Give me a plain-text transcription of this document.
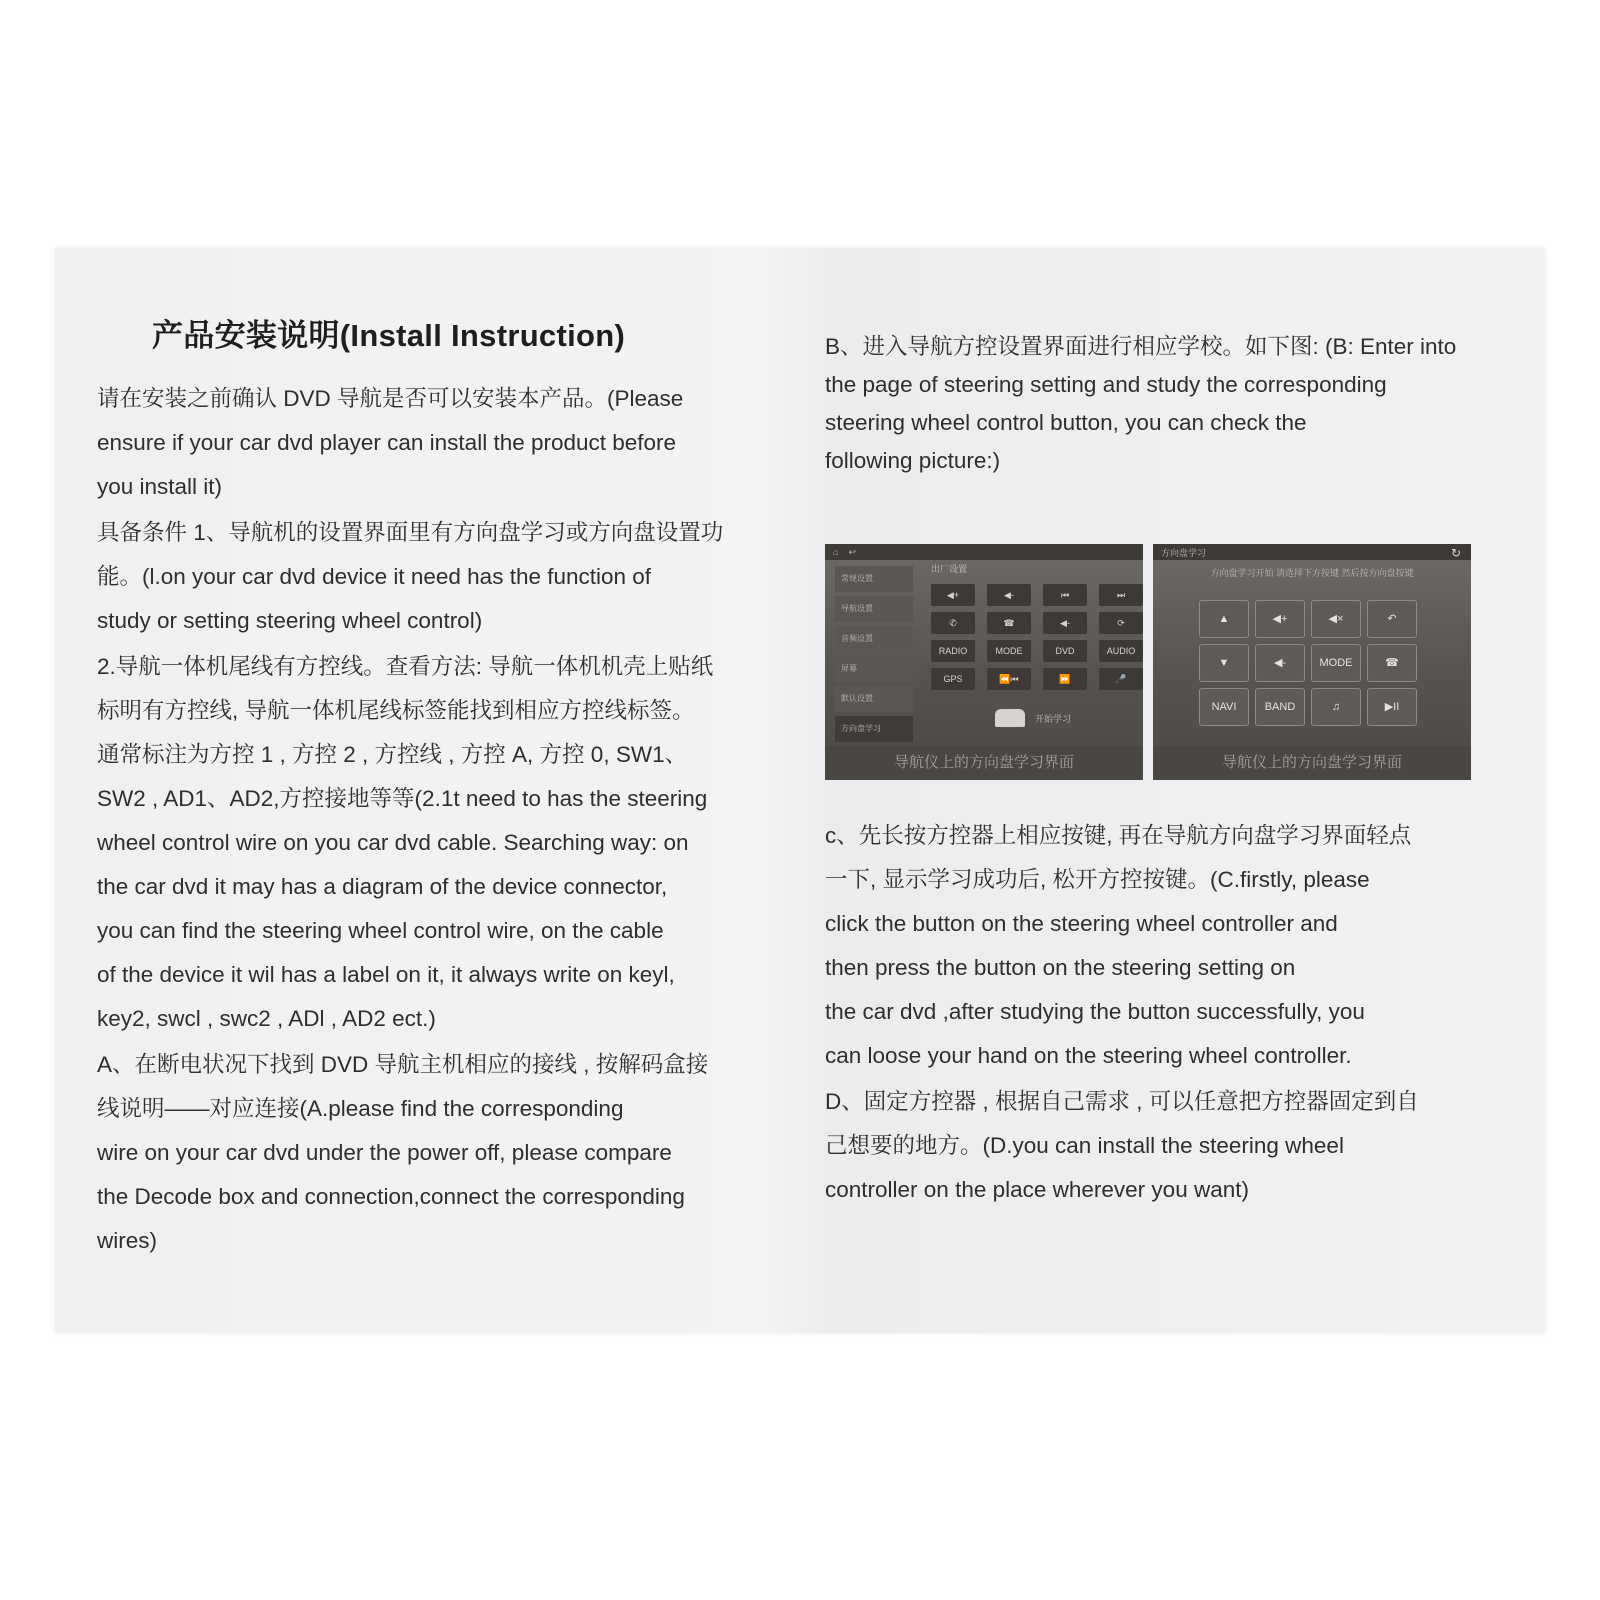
产品安装说明(Install Instruction)
请在安装之前确认 DVD 导航是否可以安装本产品。(Please
ensure if your car dvd player can install the product before
you install it)
具备条件 1、导航机的设置界面里有方向盘学习或方向盘设置功
能。(l.on your car dvd device it need has the function of
study or setting steering wheel control)
2.导航一体机尾线有方控线。查看方法: 导航一体机机壳上贴纸
标明有方控线, 导航一体机尾线标签能找到相应方控线标签。
通常标注为方控 1 , 方控 2 , 方控线 , 方控 A, 方控 0, SW1、
SW2 , AD1、AD2,方控接地等等(2.1t need to has the steering
wheel control wire on you car dvd cable. Searching way: on
the car dvd it may has a diagram of the device connector,
you can find the steering wheel control wire, on the cable
of the device it wil has a label on it, it always write on keyl,
key2, swcl , swc2 , ADl , AD2 ect.)
A、在断电状况下找到 DVD 导航主机相应的接线 , 按解码盒接
线说明——对应连接(A.please find the corresponding
wire on your car dvd under the power off, please compare
the Decode box and connection,connect the corresponding
wires)
B、进入导航方控设置界面进行相应学校。如下图: (B: Enter into
the page of steering setting and study the corresponding
steering wheel control button, you can check the
following picture:)
⌂ ↩
出厂设置
常规设置
导航设置
音频设置
屏幕
默认设置
方向盘学习
◀+	◀-	⏮	⏭
✆	☎	◀-	⟳
RADIO	MODE	DVD	AUDIO
GPS	⏪⏮	⏩	🎤
开始学习
导航仪上的方向盘学习界面
方向盘学习	↻
方向盘学习开始 请选择下方按键 然后按方向盘按键
▲	◀+	◀×	↶
▼	◀-	MODE	☎
NAVI	BAND	♫	▶II
导航仪上的方向盘学习界面
c、先长按方控器上相应按键, 再在导航方向盘学习界面轻点
一下, 显示学习成功后, 松开方控按键。(C.firstly, please
click the button on the steering wheel controller and
then press the button on the steering setting on
the car dvd ,after studying the button successfully, you
can loose your hand on the steering wheel controller.
D、固定方控器 , 根据自己需求 , 可以任意把方控器固定到自
己想要的地方。(D.you can install the steering wheel
controller on the place wherever you want)
